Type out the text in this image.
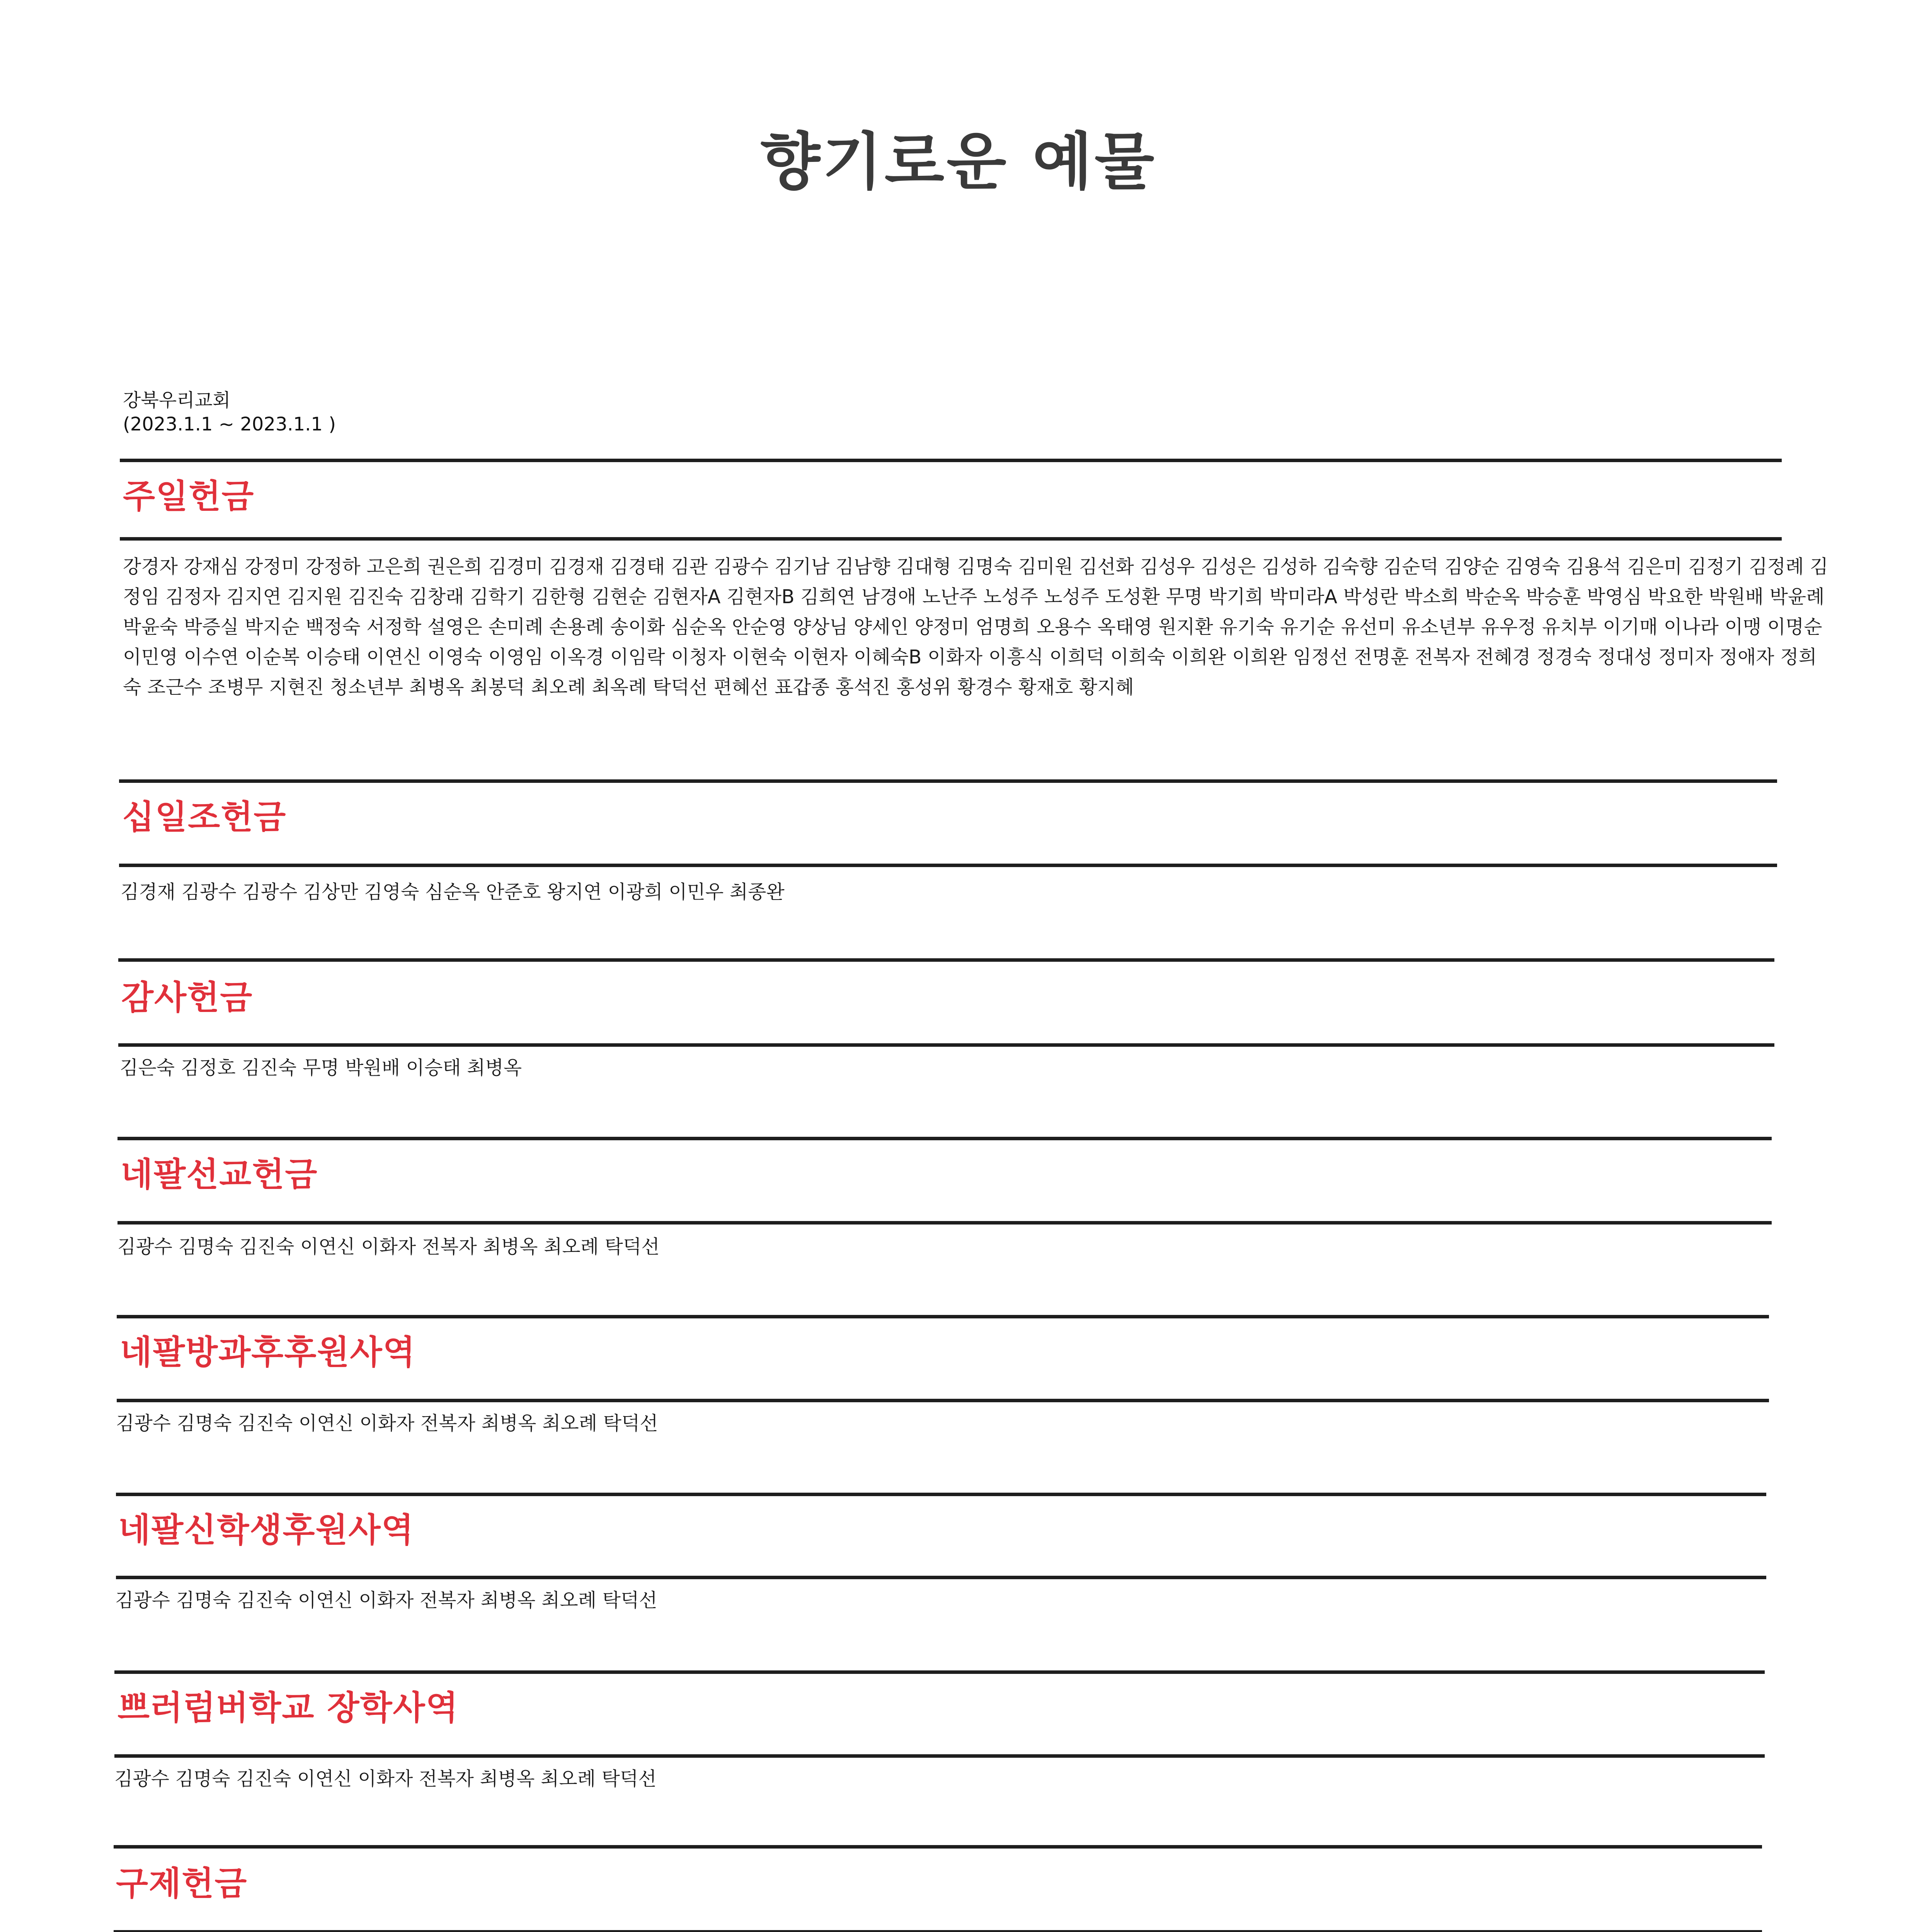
향기로운 예물
강북우리교회
(2023.1.1 ~ 2023.1.1 )
주일헌금

강경자 강재심 강정미 강정하 고은희 권은희 김경미 김경재 김경태 김관 김광수 김기남 김남향 김대형 김명숙 김미원 김선화 김성우 김성은 김성하 김숙향 김순덕 김양순 김영숙 김용석 김은미 김정기 김정례 김정임 김정자 김지연 김지원 김진숙 김창래 김학기 김한형 김현순 김현자A 김현자B 김희연 남경애 노난주 노성주 노성주 도성환 무명 박기희 박미라A 박성란 박소희 박순옥 박승훈 박영심 박요한 박원배 박윤례 박윤숙 박증실 박지순 백정숙 서정학 설영은 손미례 손용례 송이화 심순옥 안순영 양상님 양세인 양정미 엄명희 오용수 옥태영 원지환 유기숙 유기순 유선미 유소년부 유우정 유치부 이기매 이나라 이맹 이명순 이민영 이수연 이순복 이승태 이연신 이영숙 이영임 이옥경 이임락 이청자 이현숙 이현자 이혜숙B 이화자 이흥식 이희덕 이희숙 이희완 이희완 임정선 전명훈 전복자 전혜경 정경숙 정대성 정미자 정애자 정희숙 조근수 조병무 지현진 청소년부 최병옥 최봉덕 최오례 최옥례 탁덕선 편혜선 표갑종 홍석진 홍성위 황경수 황재호 황지혜

십일조헌금

김경재 김광수 김광수 김상만 김영숙 심순옥 안준호 왕지연 이광희 이민우 최종완

감사헌금

김은숙 김정호 김진숙 무명 박원배 이승태 최병옥

네팔선교헌금

김광수 김명숙 김진숙 이연신 이화자 전복자 최병옥 최오례 탁덕선

네팔방과후후원사역

김광수 김명숙 김진숙 이연신 이화자 전복자 최병옥 최오례 탁덕선

네팔신학생후원사역

김광수 김명숙 김진숙 이연신 이화자 전복자 최병옥 최오례 탁덕선

쁘러럼버학교 장학사역

김광수 김명숙 김진숙 이연신 이화자 전복자 최병옥 최오례 탁덕선

구제헌금
